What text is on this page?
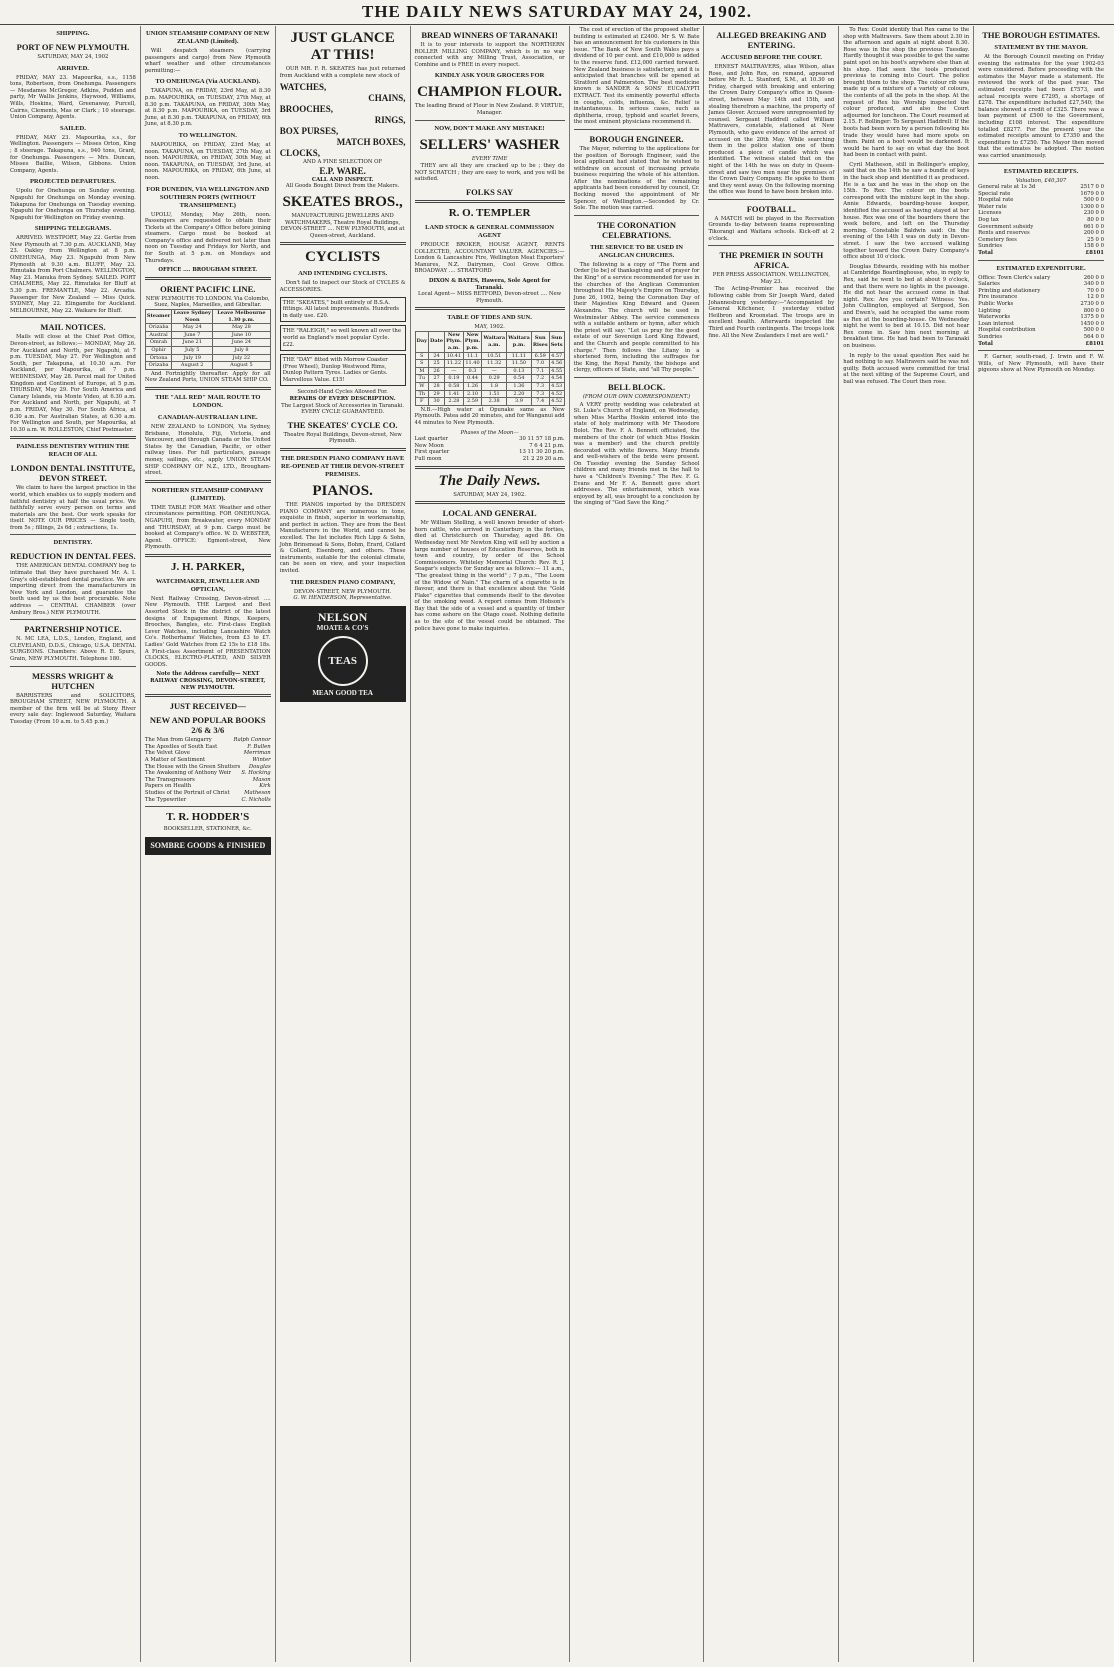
THE DAILY NEWS SATURDAY MAY 24, 1902.
SHIPPING.
PORT OF NEW PLYMOUTH.
SATURDAY, MAY 24, 1902
ARRIVED.
FRIDAY, MAY 23. Mapourika, s.s., 1158 tons, Robertson, from Onehunga. Passengers — Mesdames McGregor, Adkins, Pudden and party, Mr Wallis Jenkins, Haywood, Williams, Wills, Hoskins, Ward, Greenaway, Purcell, Cairns, Clements, Mas or Clark ; 10 steerage. Union Company, Agents.
SAILED.
FRIDAY, MAY 23. Mapourika, s.s., for Wellington. Passengers — Misses Orton, King ; 8 steerage. Takapuna, s.s., 940 tons, Grant, for Onehunga. Passengers — Mrs. Duncan, Misses Baillie, Wilson, Gibbons. Union Company, Agents.
PROJECTED DEPARTURES.
Upolu for Onehunga on Sunday evening. Ngapuhi for Onehunga on Monday evening. Takapuna for Onehunga on Tuesday evening. Ngapuhi for Onehunga on Thursday evening. Ngapuhi for Wellington on Friday evening.
SHIPPING TELEGRAMS.
ARRIVED. WESTPORT, May 22. Gertie from New Plymouth at 7.30 p.m. AUCKLAND, May 23. Oakley from Wellington at 8 p.m. ONEHUNGA, May 23. Ngapuhi from New Plymouth at 9.30 a.m. BLUFF, May 23. Rimutaka from Port Chalmers. WELLINGTON, May 23. Manuka from Sydney. SAILED. PORT CHALMERS, May 22. Rimutaka for Bluff at 5.30 p.m. FREMANTLE, May 22. Arcadia. Passenger for New Zealand — Miss Quick. SYDNEY, May 22. Elingamite for Auckland. MELBOURNE, May 22. Waikare for Bluff.
MAIL NOTICES.
Mails will close at the Chief Post Office, Devon-street, as follows:— MONDAY, May 26. For Auckland and North, per Ngapuhi, at 7 p.m. TUESDAY, May 27. For Wellington and South, per Takapuna, at 10.30 a.m. For Auckland, per Mapourika, at 7 p.m. WEDNESDAY, May 28. Parcel mail for United Kingdom and Continent of Europe, at 5 p.m. THURSDAY, May 29. For South America and Canary Islands, via Monte Video, at 6.30 a.m. For Auckland and North, per Ngapuhi, at 7 p.m. FRIDAY, May 30. For South Africa, at 6.30 a.m. For Australian States, at 6.30 a.m. For Wellington and South, per Mapourika, at 10.30 a.m. W. ROLLESTON, Chief Postmaster.
PAINLESS DENTISTRY WITHIN THE REACH OF ALL
LONDON DENTAL INSTITUTE, DEVON STREET.
We claim to have the largest practice in the world, which enables us to supply modern and faithful dentistry at half the usual price. We faithfully serve every person on terms and materials are the best. Our work speaks for itself. NOTE OUR PRICES — Single tooth, from 5s ; fillings, 2s 6d ; extractions, 1s.
DENTISTRY.
REDUCTION IN DENTAL FEES.
THE AMERICAN DENTAL COMPANY beg to intimate that they have purchased Mr. A. I. Gray's old-established dental practice. We are importing direct from the manufacturers in New York and London, and guarantee the teeth used by us the best procurable. Note address — CENTRAL CHAMBER (over Ambury Bros.) NEW PLYMOUTH.
PARTNERSHIP NOTICE.
N. MC LEA, L.D.S., London, England, and CLEVELAND, D.D.S., Chicago, U.S.A. DENTAL SURGEONS. Chambers: Above R. E. Spurs, Grain, NEW PLYMOUTH. Telephone 180.
MESSRS WRIGHT & HUTCHEN
BARRISTERS and SOLICITORS, BROUGHAM STREET, NEW PLYMOUTH. A member of the firm will be at Stony River every sale day: Inglewood Saturday, Waitara Tuesday (From 10 a.m. to 5.45 p.m.)
UNION STEAMSHIP COMPANY OF NEW ZEALAND (Limited).
Will despatch steamers (carrying passengers and cargo) from New Plymouth wharf weather and other circumstances permitting:—
TO ONEHUNGA (Via AUCKLAND).
TAKAPUNA, on FRIDAY, 23rd May, at 8.30 p.m. MAPOURIKA, on TUESDAY, 27th May, at 8.30 p.m. TAKAPUNA, on FRIDAY, 30th May, at 8.30 p.m. MAPOURIKA, on TUESDAY, 3rd June, at 8.30 p.m. TAKAPUNA, on FRIDAY, 6th June, at 8.30 p.m.
TO WELLINGTON.
MAPOURIKA, on FRIDAY, 23rd May, at noon. TAKAPUNA, on TUESDAY, 27th May, at noon. MAPOURIKA, on FRIDAY, 30th May, at noon. TAKAPUNA, on TUESDAY, 3rd June, at noon. MAPOURIKA, on FRIDAY, 6th June, at noon.
FOR DUNEDIN, VIA WELLINGTON AND SOUTHERN PORTS (WITHOUT TRANSHIPMENT.)
UPOLU, Monday, May 26th, noon. Passengers are requested to obtain their Tickets at the Company's Office before joining steamers. Cargo must be booked at Company's office and delivered not later than noon on Tuesday and Fridays for North, and for South at 5 p.m. on Mondays and Thursdays.
OFFICE .... BROUGHAM STREET.
ORIENT PACIFIC LINE.
NEW PLYMOUTH TO LONDON. Via Colombo, Suez, Naples, Marseilles, and Gibraltar.
Steamer	Leave Sydney Noon	Leave Melbourne 1.30 p.m.
Orizaba	May 24	May 28
Austral	June 7	June 10
Omrah	June 21	June 24
Ophir	July 5	July 8
Ortona	July 19	July 22
Orizaba	August 2	August 5
And Fortnightly thereafter. Apply for all New Zealand Ports, UNION STEAM SHIP CO.
THE "ALL RED" MAIL ROUTE TO LONDON.
CANADIAN-AUSTRALIAN LINE.
NEW ZEALAND to LONDON, Via Sydney, Brisbane, Honolulu, Fiji, Victoria, and Vancouver, and through Canada or the United States by the Canadian, Pacific, or other railway lines. For full particulars, passage money, sailings, etc., apply UNION STEAM SHIP COMPANY OF N.Z., LTD., Brougham-street.
NORTHERN STEAMSHIP COMPANY (LIMITED).
TIME TABLE FOR MAY. Weather and other circumstances permitting. FOR ONEHUNGA. NGAPUHI, from Breakwater, every MONDAY and THURSDAY, at 9 p.m. Cargo must be booked at Company's office. W. D. WEBSTER, Agent. OFFICE: Egmont-street, New Plymouth.
J. H. PARKER,
WATCHMAKER, JEWELLER AND OPTICIAN,
Next Railway Crossing, Devon-street .... New Plymouth. THE Largest and Best Assorted Stock in the district of the latest designs of Engagement Rings, Keepers, Brooches, Bangles, etc. First-class English Lever Watches, including Lancashire Watch Co's. Rotherhams' Watches, from £3 to £7. Ladies' Gold Watches from £2 15s to £18 18s. A First-class Assortment of PRESENTATION CLOCKS, ELECTRO-PLATED, AND SILVER GOODS.
Note the Address carefully— NEXT RAILWAY CROSSING, DEVON-STREET, NEW PLYMOUTH.
JUST RECEIVED—
NEW AND POPULAR BOOKS 2/6 & 3/6
The Man from Glengarry	Ralph Connor
The Apostles of South East	F. Bullen
The Velvet Glove	Merriman
A Matter of Sentiment	Winter
The House with the Green Shutters Douglas
The Awakening of Anthony Weir S. Hocking
The Transgressors	Mason
Papers on Health	Kirk
Studies of the Portrait of Christ	Matheson
The Typewriter	C. Nicholls
T. R. HODDER'S
BOOKSELLER, STATIONER, &c.
SOMBRE GOODS & FINISHED
JUST GLANCE AT THIS!
OUR MR. F. R. SKEATES has just returned from Auckland with a complete new stock of
WATCHES,
CHAINS,
BROOCHES,
RINGS,
BOX PURSES,
MATCH BOXES,
CLOCKS,
AND A FINE SELECTION OF
E.P. WARE.
CALL AND INSPECT.
All Goods Bought Direct from the Makers.
SKEATES BROS.,
MANUFACTURING JEWELLERS AND WATCHMAKERS, Theatre Royal Buildings, DEVON-STREET .... NEW PLYMOUTH, and at Queen-street, Auckland.
CYCLISTS
AND INTENDING CYCLISTS.
Don't fail to inspect our Stock of CYCLES & ACCESSORIES.
THE "SKEATES," built entirely of B.S.A. fittings. All latest improvements. Hundreds in daily use. £20.
THE "RALEIGH," so well known all over the world as England's most popular Cycle. £22.
THE "DAY" fitted with Morrow Coaster (Free Wheel), Dunlop Westwood Rims, Dunlop Pattern Tyres. Ladies or Gents. Marvellous Value. £15!
Second-Hand Cycles Allowed For.
REPAIRS OF EVERY DESCRIPTION.
The Largest Stock of Accessories in Taranaki. EVERY CYCLE GUARANTEED.
THE SKEATES' CYCLE CO.
Theatre Royal Buildings, Devon-street, New Plymouth.
THE DRESDEN PIANO COMPANY HAVE RE-OPENED AT THEIR DEVON-STREET PREMISES.
PIANOS.
THE PIANOS imported by the DRESDEN PIANO COMPANY are numerous in tone, exquisite in finish, superior in workmanship, and perfect in action. They are from the Best Manufacturers in the World, and cannot be excelled. The list includes Rich Lipp & Sohn, John Brinsmead & Sons, Bohm, Erard, Collard & Collard, Eisenberg, and others. These instruments, suitable for the colonial climate, can be seen on view, and your inspection invited.
THE DRESDEN PIANO COMPANY,
DEVON-STREET, NEW PLYMOUTH.
G. W. HENDERSON, Representative.
NELSON
MOATE & CO'S
TEAS
MEAN GOOD TEA
BREAD WINNERS OF TARANAKI!
It is to your interests to support the NORTHERN ROLLER MILLING COMPANY, which is in no way connected with any Milling Trust, Association, or Combine and is FREE in every respect.
KINDLY ASK YOUR GROCERS FOR
CHAMPION FLOUR.
The leading Brand of Flour in New Zealand. P. VIRTUE, Manager.
NOW, DON'T MAKE ANY MISTAKE!
SELLERS' WASHER
EVERY TIME
THEY are all they are cracked up to be ; they do NOT SCRATCH ; they are easy to work, and you will be satisfied.
FOLKS SAY
R. O. TEMPLER
LAND STOCK & GENERAL COMMISSION AGENT
PRODUCE BROKER, HOUSE AGENT, RENTS COLLECTED, ACCOUNTANT VALUER. AGENCIES:— London & Lancashire Fire, Wellington Meat Exporters' Manures, N.Z. Dairymen, Cool Grove Office. BROADWAY .... STRATFORD
DIXON & BATES, Hawera, Sole Agent for Taranaki.
Local Agent— MISS RETFORD, Devon-street .... New Plymouth.
TABLE OF TIDES AND SUN.
MAY, 1902.
Day	Date	New Plym. a.m.	New Plym. p.m.	Waitara a.m.	Waitara p.m.	Sun Rises	Sun Sets
S	24	10.41	11.1	10.51	11.11	6.59	4.57
S	25	11.22	11.40	11.32	11.50	7.0	4.56
M	26	—	0.3	—	0.13	7.1	4.55
Tu	27	0.19	0.44	0.29	0.54	7.2	4.54
W	28	0.58	1.26	1.8	1.36	7.3	4.53
Th	29	1.41	2.10	1.51	2.20	7.3	4.52
F	30	2.28	2.59	2.38	3.9	7.4	4.52
N.B.—High water at Opunake same as New Plymouth. Patea add 20 minutes, and for Wanganui add 44 minutes to New Plymouth.
Phases of the Moon—
Last quarter	30 11 57 18 p.m.
New Moon	7 6 4 21 p.m.
First quarter	13 11 30 20 p.m.
Full moon	21 2 29 20 a.m.
The Daily News.
SATURDAY, MAY 24, 1902.
LOCAL AND GENERAL
Mr William Stelling, a well known breeder of short-horn cattle, who arrived in Canterbury in the forties, died at Christchurch on Thursday, aged 86. On Wednesday next Mr Newton King will sell by auction a large number of houses of Education Reserves, both in town and country, by order of the School Commissioners. Whiteley Memorial Church: Rev. R. J. Seagar's subjects for Sunday are as follows:— 11 a.m., "The greatest thing in the world" ; 7 p.m., "The Loom of the Widow of Nain." The charm of a cigarette is in flavour, and there is that excellence about the "Gold Flake" cigarettes that commends itself to the devotee of the smoking weed. A report comes from Hobson's Bay that the side of a vessel and a quantity of timber has come ashore on the Otago coast. Nothing definite as to the site of the vessel could be obtained. The police have gone to make inquiries.
The cost of erection of the proposed shelter building is estimated at £2400. Mr S. W. Bate has an announcement for his customers in this issue. "The Bank of New South Wales pays a dividend of 10 per cent. and £10,000 is added to the reserve fund. £12,000 carried forward. New Zealand business is satisfactory, and it is anticipated that branches will be opened at Stratford and Palmerston. The best medicine known is SANDER & SONS' EUCALYPTI EXTRACT. Test its eminently powerful effects in coughs, colds, influenza, &c. Relief is instantaneous. In serious cases, such as diphtheria, croup, typhoid and scarlet fevers, the most eminent physicians recommend it.
BOROUGH ENGINEER.
The Mayor, referring to the applications for the position of Borough Engineer, said the local applicant had stated that he wished to withdraw on account of increasing private business requiring the whole of his attention. After the nominations of the remaining applicants had been considered by council, Cr. Bocking moved the appointment of Mr Spencer, of Wellington.—Seconded by Cr. Sole. The motion was carried.
THE CORONATION CELEBRATIONS.
THE SERVICE TO BE USED IN ANGLICAN CHURCHES.
The following is a copy of "The Form and Order [to be] of thanksgiving and of prayer for the King" of a service recommended for use in the churches of the Anglican Communion throughout His Majesty's Empire on Thursday, June 26, 1902, being the Coronation Day of their Majesties King Edward and Queen Alexandra. The church will be used in Westminster Abbey. The service commences with a suitable anthem or hymn, after which the priest will say: "Let us pray for the good estate of our Sovereign Lord King Edward, and the Church and people committed to his charge." Then follows the Litany in a shortened form, including the suffrages for the King, the Royal Family, the bishops and clergy, officers of State, and "all Thy people."
BELL BLOCK.
(FROM OUR OWN CORRESPONDENT.)
A VERY pretty wedding was celebrated at St. Luke's Church of England, on Wednesday, when Miss Martha Hoskin entered into the state of holy matrimony with Mr Theodore Bolot. The Rev. F. A. Bennett officiated, the members of the choir (of which Miss Hoskin was a member) and the church prettily decorated with white flowers. Many friends and well-wishers of the bride were present. On Tuesday evening the Sunday School children and many friends met in the hall to have a "Children's Evening." The Rev. F. G. Evans and Mr F. A. Bennett gave short addresses. The entertainment, which was enjoyed by all, was brought to a conclusion by the singing of "God Save the King."
ALLEGED BREAKING AND ENTERING.
ACCUSED BEFORE THE COURT.
ERNEST MALTRAVERS, alias Wilson, alias Rose, and John Rex, on remand, appeared before Mr R. L. Stanford, S.M., at 10.30 on Friday, charged with breaking and entering the Crown Dairy Company's office in Queen-street, between May 14th and 15th, and stealing therefrom a machine, the property of James Glover. Accused were unrepresented by counsel. Sergeant Haddrell called William Mattravers, constable, stationed at New Plymouth, who gave evidence of the arrest of accused on the 20th May. While searching them in the police station one of them produced a piece of candle which was identified. The witness stated that on the night of the 14th he was on duty in Queen-street and saw two men near the premises of the Crown Dairy Company. He spoke to them and they went away. On the following morning the office was found to have been broken into.
FOOTBALL.
A MATCH will be played in the Recreation Grounds to-day between teams representing Tikorangi and Waitara schools. Kick-off at 2 o'clock.
THE PREMIER IN SOUTH AFRICA.
PER PRESS ASSOCIATION. WELLINGTON, May 23.
The Acting-Premier has received the following cable from Sir Joseph Ward, dated Johannesburg yesterday:—"Accompanied by General Kitchener, I yesterday visited Heilbron and Kroonstad. The troops are in excellent health. Afterwards inspected the Third and Fourth contingents. The troops look fine. All the New Zealanders I met are well."
To Rex: Could identify that Rex came to the shop with Maltravers. Saw them about 2.30 in the afternoon and again at night about 8.30. Rose was in the shop the previous Tuesday. Hardly thought it was possible to get the same paint spot on his boot's anywhere else than at his shop. Had seen the tools produced previous to coming into Court. The police brought them to the shop. The colour rib was made up of a mixture of a variety of colours, the contents of all the pots in the shop. At the request of Rex his Worship inspected the colour produced, and also the Court adjourned for luncheon. The Court resumed at 2.15. F. Bollinger: To Sergeant Haddrell: If the boots had been worn by a person following his trade they would have had more spots on them. Paint on a boot would be darkened. It would be hard to say on what day the boot had been in contact with paint.
Cyril Matheson, still in Bollinger's employ, said that on the 14th he saw a bundle of keys in the back shop and identified it as produced. He is a tax and he was in the shop on the 15th. To Rex: The colour on the boots correspond with the mixture kept in the shop. Annie Edwards, boarding-house keeper, identified the accused as having stayed at her house. Rex was one of the boarders there the week before, and left on the Thursday morning. Constable Baldwin said: On the evening of the 14th I was on duty in Devon-street. I saw the two accused walking together toward the Crown Dairy Company's office about 10 o'clock.
Douglas Edwards, residing with his mother at Cambridge Boardinghouse, who, in reply to Rex, said he went to bed at about 9 o'clock, and that there were no lights in the passage. He did not hear the accused come in that night. Rex: Are you certain? Witness: Yes. John Cullington, employed at Sergood, Son and Ewen's, said he occupied the same room as Rex at the boarding-house. On Wednesday night he went to bed at 10.15. Did not hear Rex come in. Saw him next morning at breakfast time. He had had been to Taranaki on business.
In reply to the usual question Rex said he had nothing to say. Maltravers said he was not guilty. Both accused were committed for trial at the next sitting of the Supreme Court, and bail was refused. The Court then rose.
THE BOROUGH ESTIMATES.
STATEMENT BY THE MAYOR.
At the Borough Council meeting on Friday evening the estimates for the year 1902-03 were considered. Before proceeding with the estimates the Mayor made a statement. He reviewed the work of the past year. The estimated receipts had been £7573, and actual receipts were £7295, a shortage of £278. The expenditure included £27,540; the balance showed a credit of £325. There was a loan payment of £500 to the Government, including £108 interest. The expenditure totalled £8277. For the present year the estimated receipts amount to £7350 and the expenditure to £7250. The Mayor then moved that the estimates be adopted. The motion was carried unanimously.
ESTIMATED RECEIPTS.
Valuation, £40,307
General rate at 1s 3d	2517 0 0
Special rate	1679 0 0
Hospital rate	500 0 0
Water rate	1300 0 0
Licenses	230 0 0
Dog tax	80 0 0
Government subsidy	661 0 0
Rents and reserves	200 0 0
Cemetery fees	25 0 0
Sundries	158 0 0
Total	£8101
ESTIMATED EXPENDITURE.
Office: Town Clerk's salary	260 0 0
Salaries	340 0 0
Printing and stationery	70 0 0
Fire insurance	12 0 0
Public Works	2730 0 0
Lighting	800 0 0
Waterworks	1375 0 0
Loan interest	1450 0 0
Hospital contribution	500 0 0
Sundries	564 0 0
Total	£8101
F. Garner, south-road, J. Irwin and F. W. Wills, of New Plymouth, will have their pigeons show at New Plymouth on Monday.
